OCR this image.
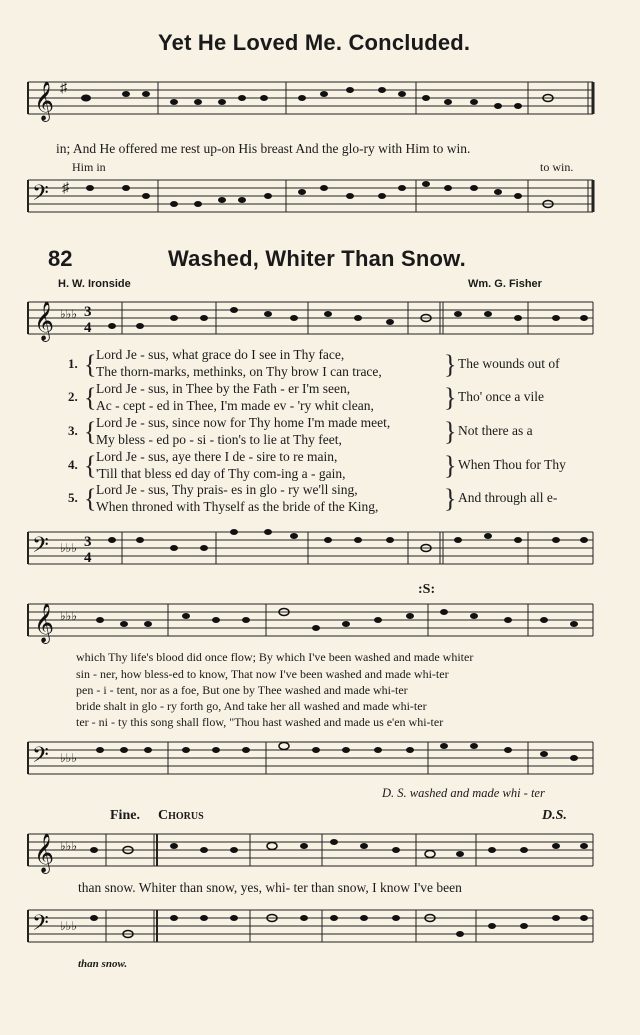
Yet He Loved Me. Concluded.
𝄞 ♯
in; And He offered me rest up-on His breast And the glo-ry with Him to win.
Him in	to win.
𝄢 ♯
82	Washed, Whiter Than Snow.
H. W. Ironside	Wm. G. Fisher
𝄞 ♭♭♭ 3
4
1. { Lord Je - sus, what grace do I see in Thy face,
The thorn-marks, methinks, on Thy brow I can trace, } The wounds out of
2. { Lord Je - sus, in Thee by the Fath - er I'm seen,
Ac - cept - ed in Thee, I'm made ev - 'ry whit clean,	} Tho' once a vile
3. { Lord Je - sus, since now for Thy home I'm made meet,
My bless - ed po - si - tion's to lie at Thy feet,	} Not there as a
4. { Lord Je - sus, aye there I de - sire to re main,
'Till that bless ed day of Thy com-ing a - gain,	} When Thou for Thy
5. { Lord Je - sus, Thy prais- es in glo - ry we'll sing,
When throned with Thyself as the bride of the King,	} And through all e-
𝄢 ♭♭♭ 3
4
:S:
𝄞 ♭♭♭
which Thy life's blood did once flow; By which I've been washed and made whiter
sin - ner, how bless-ed to know, That now I've been washed and made whi-ter
pen - i - tent, nor as a foe, But one by Thee washed and made whi-ter
bride shalt in glo - ry forth go, And take her all washed and made whi-ter
ter - ni - ty this song shall flow, "Thou hast washed and made us e'en whi-ter
𝄢 ♭♭♭
D. S. washed and made whi - ter
Fine. Chorus	D.S.
𝄞 ♭♭♭
than snow. Whiter than snow, yes, whi- ter than snow, I know I've been
𝄢 ♭♭♭
than snow.
